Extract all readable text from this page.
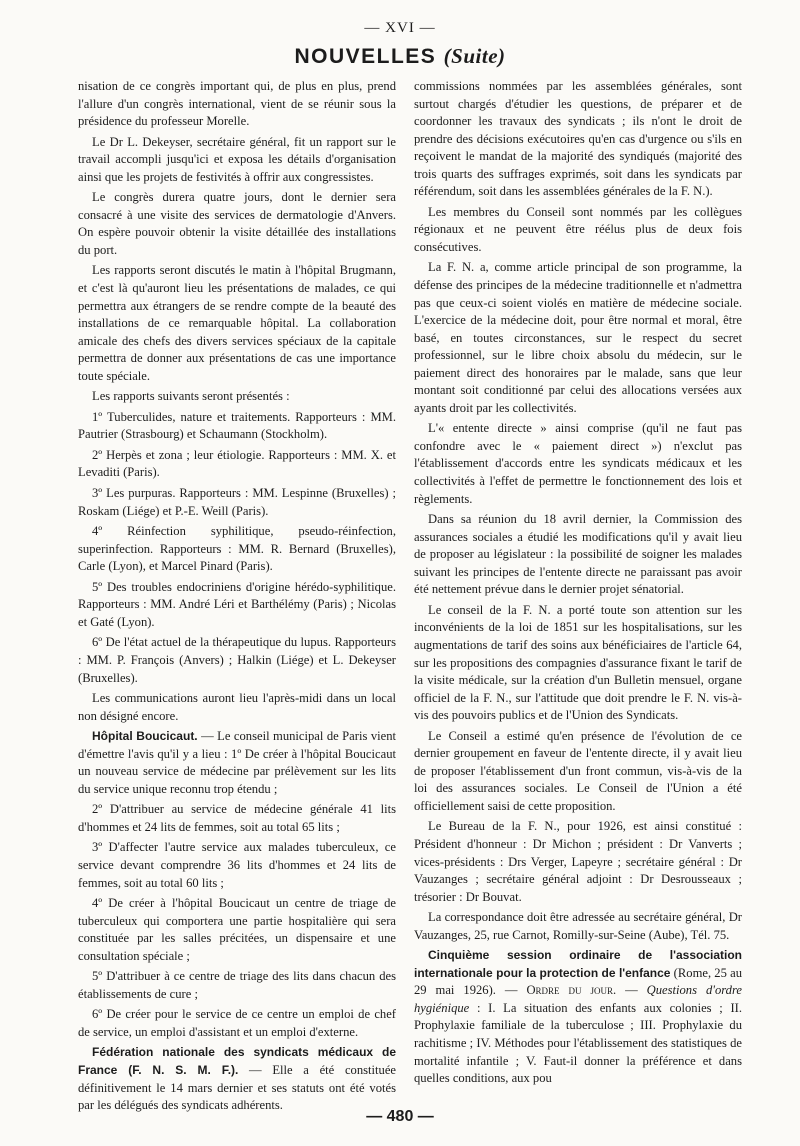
— XVI —
NOUVELLES (Suite)

nisation de ce congrès important qui, de plus en plus, prend l'allure d'un congrès international, vient de se réunir sous la présidence du professeur Morelle.

Le Dr L. Dekeyser, secrétaire général, fit un rapport sur le travail accompli jusqu'ici et exposa les détails d'organisation ainsi que les projets de festivités à offrir aux congressistes.

Le congrès durera quatre jours, dont le dernier sera consacré à une visite des services de dermatologie d'Anvers. On espère pouvoir obtenir la visite détaillée des installations du port.

Les rapports seront discutés le matin à l'hôpital Brugmann, et c'est là qu'auront lieu les présentations de malades, ce qui permettra aux étrangers de se rendre compte de la beauté des installations de ce remarquable hôpital. La collaboration amicale des chefs des divers services spéciaux de la capitale permettra de donner aux présentations de cas une importance toute spéciale.

Les rapports suivants seront présentés :

1º Tuberculides, nature et traitements. Rapporteurs : MM. Pautrier (Strasbourg) et Schaumann (Stockholm).

2º Herpès et zona ; leur étiologie. Rapporteurs : MM. X. et Levaditi (Paris).

3º Les purpuras. Rapporteurs : MM. Lespinne (Bruxelles) ; Roskam (Liége) et P.-E. Weill (Paris).

4º Réinfection syphilitique, pseudo-réinfection, superinfection. Rapporteurs : MM. R. Bernard (Bruxelles), Carle (Lyon), et Marcel Pinard (Paris).

5º Des troubles endocriniens d'origine hérédo-syphilitique. Rapporteurs : MM. André Léri et Barthélémy (Paris) ; Nicolas et Gaté (Lyon).

6º De l'état actuel de la thérapeutique du lupus. Rapporteurs : MM. P. François (Anvers) ; Halkin (Liége) et L. Dekeyser (Bruxelles).

Les communications auront lieu l'après-midi dans un local non désigné encore.

Hôpital Boucicaut. — Le conseil municipal de Paris vient d'émettre l'avis qu'il y a lieu : 1º De créer à l'hôpital Boucicaut un nouveau service de médecine par prélèvement sur les lits du service unique reconnu trop étendu ;

2º D'attribuer au service de médecine générale 41 lits d'hommes et 24 lits de femmes, soit au total 65 lits ;

3º D'affecter l'autre service aux malades tuberculeux, ce service devant comprendre 36 lits d'hommes et 24 lits de femmes, soit au total 60 lits ;

4º De créer à l'hôpital Boucicaut un centre de triage de tuberculeux qui comportera une partie hospitalière qui sera constituée par les salles précitées, un dispensaire et une consultation spéciale ;

5º D'attribuer à ce centre de triage des lits dans chacun des établissements de cure ;

6º De créer pour le service de ce centre un emploi de chef de service, un emploi d'assistant et un emploi d'externe.

Fédération nationale des syndicats médicaux de France (F. N. S. M. F.). — Elle a été constituée définitivement le 14 mars dernier et ses statuts ont été votés par les délégués des syndicats adhérents.

commissions nommées par les assemblées générales, sont surtout chargés d'étudier les questions, de préparer et de coordonner les travaux des syndicats ; ils n'ont le droit de prendre des décisions exécutoires qu'en cas d'urgence ou s'ils en reçoivent le mandat de la majorité des syndiqués (majorité des trois quarts des suffrages exprimés, soit dans les syndicats par référendum, soit dans les assemblées générales de la F. N.).

Les membres du Conseil sont nommés par les collègues régionaux et ne peuvent être réélus plus de deux fois consécutives.

La F. N. a, comme article principal de son programme, la défense des principes de la médecine traditionnelle et n'admettra pas que ceux-ci soient violés en matière de médecine sociale. L'exercice de la médecine doit, pour être normal et moral, être basé, en toutes circonstances, sur le respect du secret professionnel, sur le libre choix absolu du médecin, sur le paiement direct des honoraires par le malade, sans que leur montant soit conditionné par celui des allocations versées aux ayants droit par les collectivités.

L'« entente directe » ainsi comprise (qu'il ne faut pas confondre avec le « paiement direct ») n'exclut pas l'établissement d'accords entre les syndicats médicaux et les collectivités à l'effet de permettre le fonctionnement des lois et règlements.

Dans sa réunion du 18 avril dernier, la Commission des assurances sociales a étudié les modifications qu'il y avait lieu de proposer au législateur : la possibilité de soigner les malades suivant les principes de l'entente directe ne paraissant pas avoir été nettement prévue dans le dernier projet sénatorial.

Le conseil de la F. N. a porté toute son attention sur les inconvénients de la loi de 1851 sur les hospitalisations, sur les augmentations de tarif des soins aux bénéficiaires de l'article 64, sur les propositions des compagnies d'assurance fixant le tarif de la visite médicale, sur la création d'un Bulletin mensuel, organe officiel de la F. N., sur l'attitude que doit prendre le F. N. vis-à-vis des pouvoirs publics et de l'Union des Syndicats.

Le Conseil a estimé qu'en présence de l'évolution de ce dernier groupement en faveur de l'entente directe, il y avait lieu de proposer l'établissement d'un front commun, vis-à-vis de la loi des assurances sociales. Le Conseil de l'Union a été officiellement saisi de cette proposition.

Le Bureau de la F. N., pour 1926, est ainsi constitué : Président d'honneur : Dr Michon ; président : Dr Vanverts ; vices-présidents : Drs Verger, Lapeyre ; secrétaire général : Dr Vauzanges ; secrétaire général adjoint : Dr Desrousseaux ; trésorier : Dr Bouvat.

La correspondance doit être adressée au secrétaire général, Dr Vauzanges, 25, rue Carnot, Romilly-sur-Seine (Aube), Tél. 75.

Cinquième session ordinaire de l'association internationale pour la protection de l'enfance (Rome, 25 au 29 mai 1926). — Ordre du jour. — Questions d'ordre hygiénique : I. La situation des enfants aux colonies ; II. Prophylaxie familiale de la tuberculose ; III. Prophylaxie du rachitisme ; IV. Méthodes pour l'établissement des statistiques de mortalité infantile ; V. Faut-il donner la préférence et dans quelles conditions, aux pou

— 480 —
